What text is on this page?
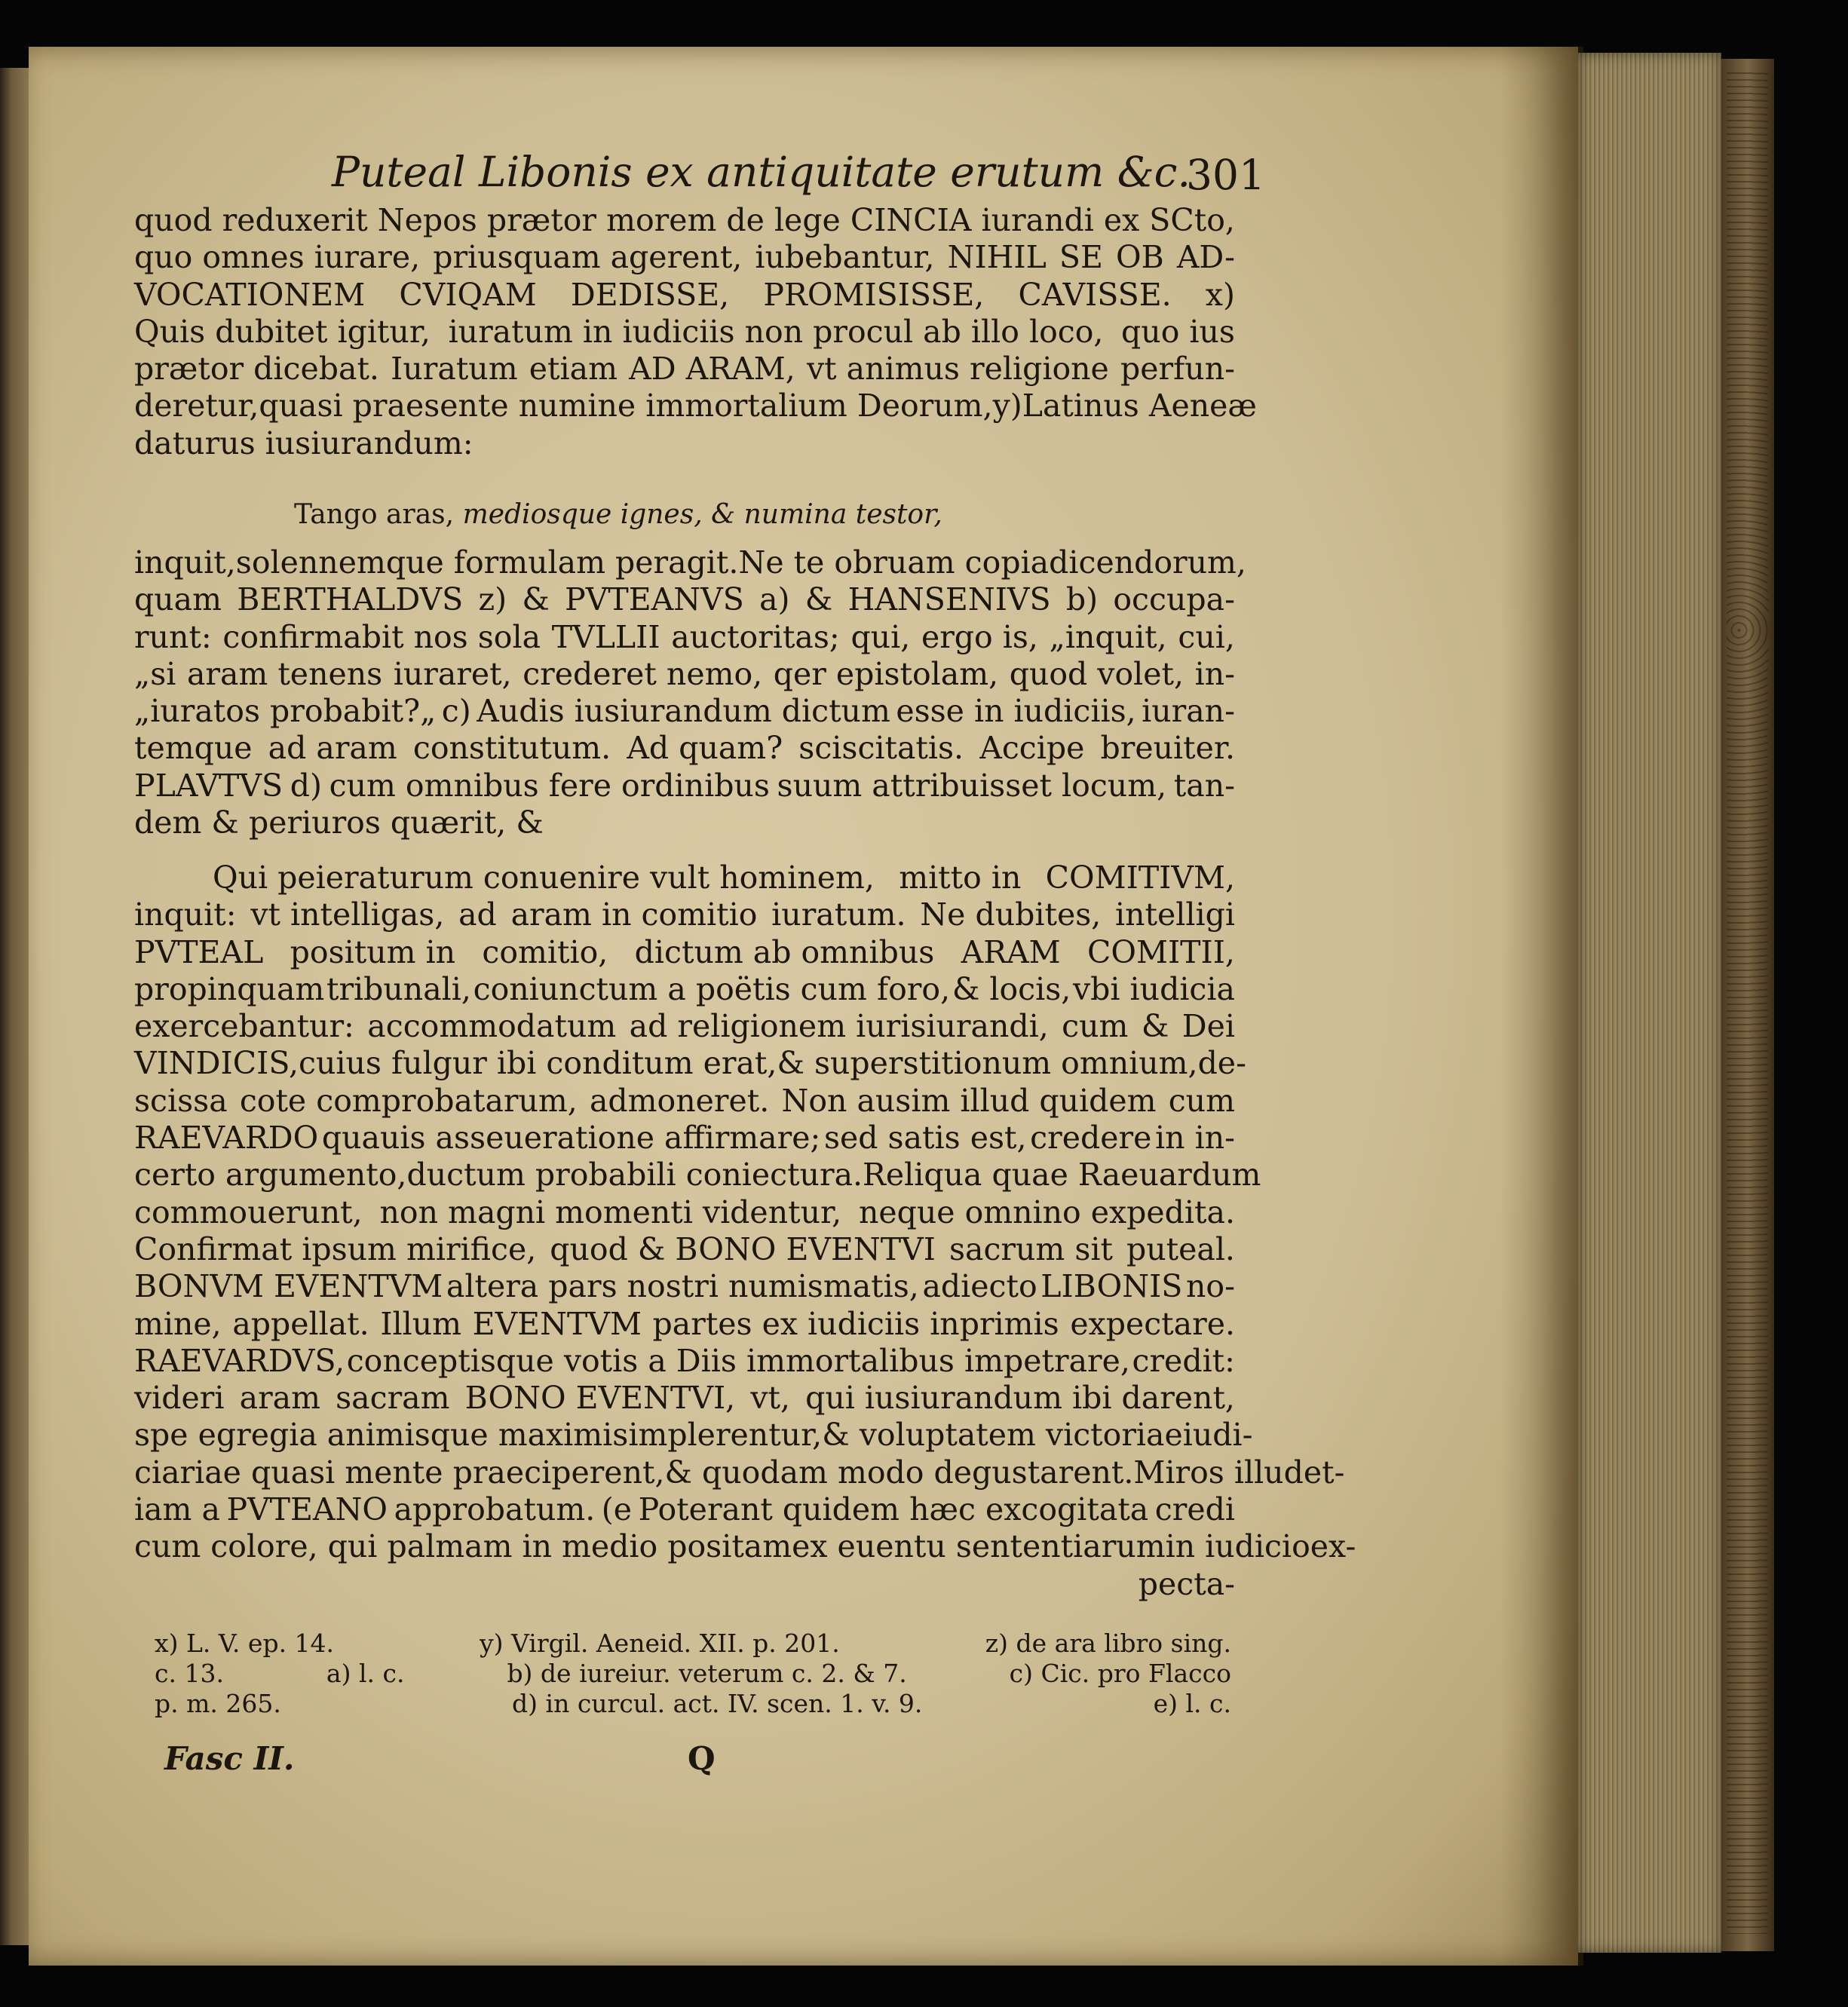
Puteal Libonis ex antiquitate erutum &c.
301
quod reduxerit Nepos prætor morem de lege CINCIA iurandi ex SCto,
quo omnes iurare, priusquam agerent, iubebantur, NIHIL SE OB AD-
VOCATIONEM CVIQAM DEDISSE, PROMISISSE, CAVISSE. x)
Quis dubitet igitur, iuratum in iudiciis non procul ab illo loco, quo ius
prætor dicebat. Iuratum etiam AD ARAM, vt animus religione perfun-
deretur, quasi praesente numine immortalium Deorum, y) Latinus Aeneæ
daturus iusiurandum:
Tango aras, mediosque ignes, & numina testor,
inquit, solennemque formulam peragit. Ne te obruam copia dicendorum,
quam BERTHALDVS z) & PVTEANVS a) & HANSENIVS b) occupa-
runt: confirmabit nos sola TVLLII auctoritas; qui, ergo is, „inquit, cui,
„si aram tenens iuraret, crederet nemo, qer epistolam, quod volet, in-
„iuratos probabit?„ c) Audis iusiurandum dictum esse in iudiciis, iuran-
temque ad aram constitutum. Ad quam? sciscitatis. Accipe breuiter.
PLAVTVS d) cum omnibus fere ordinibus suum attribuisset locum, tan-
dem & periuros quærit, &
Qui peieraturum conuenire vult hominem, mitto in COMITIVM,
inquit: vt intelligas, ad aram in comitio iuratum. Ne dubites, intelligi
PVTEAL positum in comitio, dictum ab omnibus ARAM COMITII,
propinquam tribunali, coniunctum a poëtis cum foro, & locis, vbi iudicia
exercebantur: accommodatum ad religionem iurisiurandi, cum & Dei
VINDICIS, cuius fulgur ibi conditum erat, & superstitionum omnium, de-
scissa cote comprobatarum, admoneret. Non ausim illud quidem cum
RAEVARDO quauis asseueratione affirmare; sed satis est, credere in in-
certo argumento, ductum probabili coniectura. Reliqua quae Raeuardum
commouerunt, non magni momenti videntur, neque omnino expedita.
Confirmat ipsum mirifice, quod & BONO EVENTVI sacrum sit puteal.
BONVM EVENTVM altera pars nostri numismatis, adiecto LIBONIS no-
mine, appellat. Illum EVENTVM partes ex iudiciis inprimis expectare.
RAEVARDVS, conceptisque votis a Diis immortalibus impetrare, credit:
videri aram sacram BONO EVENTVI, vt, qui iusiurandum ibi darent,
spe egregia animisque maximis implerentur, & voluptatem victoriae iudi-
ciariae quasi mente praeciperent, & quodam modo degustarent. Miros illud et-
iam a PVTEANO approbatum. (e Poterant quidem hæc excogitata credi
cum colore, qui palmam in medio positam ex euentu sententiarum in iudicio ex-
pecta-
x) L. V. ep. 14.	y) Virgil. Aeneid. XII. p. 201.	z) de ara libro sing.
c. 13.	a) l. c.	b) de iureiur. veterum c. 2. & 7.	c) Cic. pro Flacco
p. m. 265.	d) in curcul. act. IV. scen. 1. v. 9.	e) l. c.
Fasc II.	Q
